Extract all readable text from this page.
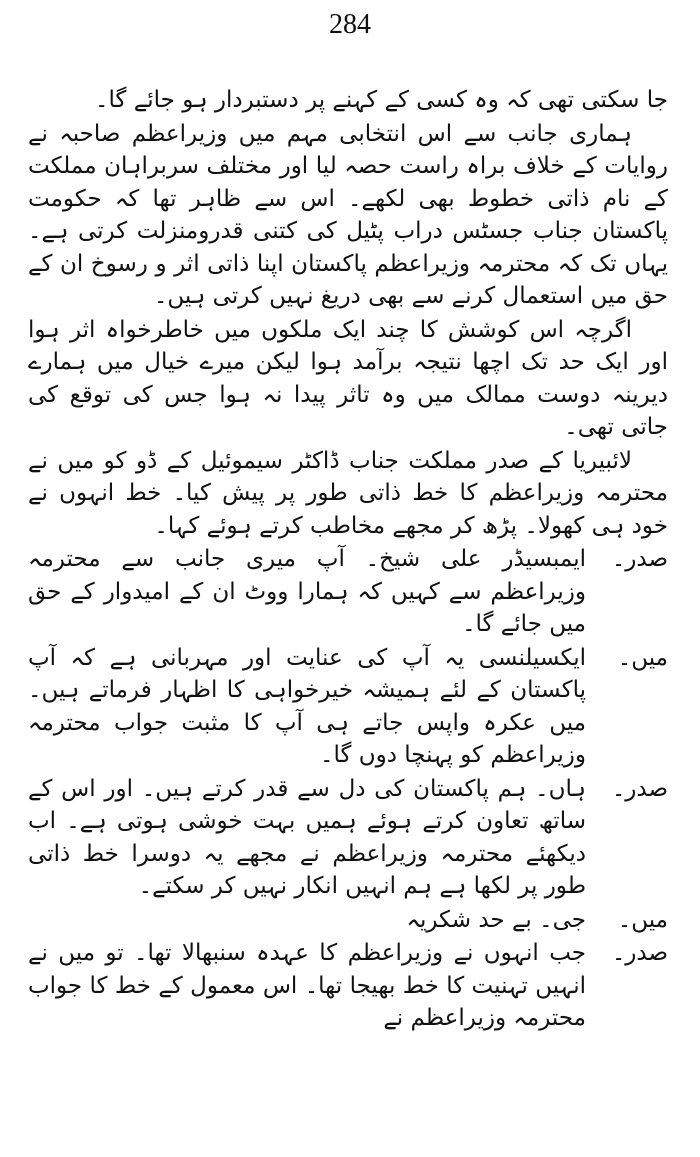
284

جا سکتی تھی کہ وہ کسی کے کہنے پر دستبردار ہو جائے گا۔

ہماری جانب سے اس انتخابی مہم میں وزیراعظم صاحبہ نے روایات کے خلاف براہ راست حصہ لیا اور مختلف سربراہان مملکت کے نام ذاتی خطوط بھی لکھے۔ اس سے ظاہر تھا کہ حکومت پاکستان جناب جسٹس دراب پٹیل کی کتنی قدرومنزلت کرتی ہے۔ یہاں تک کہ محترمہ وزیراعظم پاکستان اپنا ذاتی اثر و رسوخ ان کے حق میں استعمال کرنے سے بھی دریغ نہیں کرتی ہیں۔

اگرچہ اس کوشش کا چند ایک ملکوں میں خاطرخواہ اثر ہوا اور ایک حد تک اچھا نتیجہ برآمد ہوا لیکن میرے خیال میں ہمارے دیرینہ دوست ممالک میں وہ تاثر پیدا نہ ہوا جس کی توقع کی جاتی تھی۔

لائبیریا کے صدر مملکت جناب ڈاکٹر سیموئیل کے ڈو کو میں نے محترمہ وزیراعظم کا خط ذاتی طور پر پیش کیا۔ خط انہوں نے خود ہی کھولا۔ پڑھ کر مجھے مخاطب کرتے ہوئے کہا۔

صدر۔
ایمبسیڈر علی شیخ۔ آپ میری جانب سے محترمہ وزیراعظم سے کہیں کہ ہمارا ووٹ ان کے امیدوار کے حق میں جائے گا۔
میں۔
ایکسیلنسی یہ آپ کی عنایت اور مہربانی ہے کہ آپ پاکستان کے لئے ہمیشہ خیرخواہی کا اظہار فرماتے ہیں۔ میں عکرہ واپس جاتے ہی آپ کا مثبت جواب محترمہ وزیراعظم کو پہنچا دوں گا۔
صدر۔
ہاں۔ ہم پاکستان کی دل سے قدر کرتے ہیں۔ اور اس کے ساتھ تعاون کرتے ہوئے ہمیں بہت خوشی ہوتی ہے۔ اب دیکھئے محترمہ وزیراعظم نے مجھے یہ دوسرا خط ذاتی طور پر لکھا ہے ہم انہیں انکار نہیں کر سکتے۔
میں۔
جی۔ بے حد شکریہ
صدر۔
جب انہوں نے وزیراعظم کا عہدہ سنبھالا تھا۔ تو میں نے انہیں تہنیت کا خط بھیجا تھا۔ اس معمول کے خط کا جواب محترمہ وزیراعظم نے
